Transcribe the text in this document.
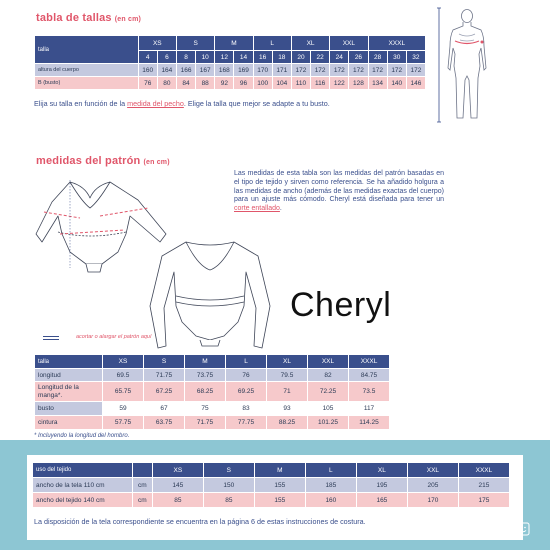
tabla de tallas (en cm)
talla	XS		S		M		L		XL		XXL		XXXL		
	4	6	8	10	12	14	16	18	20	22	24	26	28	30	32
altura del cuerpo	160	164	166	167	168	169	170	171	172	172	172	172	172	172	172
B (busto)	76	80	84	88	92	96	100	104	110	116	122	128	134	140	146
Elija su talla en función de la medida del pecho. Elige la talla que mejor se adapte a tu busto.
medidas del patrón (en cm)
Las medidas de esta tabla son las medidas del patrón basadas en el tipo de tejido y sirven como referencia. Se ha añadido holgura a las medidas de ancho (además de las medidas exactas del cuerpo) para un ajuste más cómodo. Cheryl está diseñada para tener un corte entallado.
acortar o alargar el patrón aquí
Cheryl
talla	XS	S	M	L	XL	XXL	XXXL
longitud	69.5	71.75	73.75	76	79.5	82	84.75
Longitud de la manga*.	65.75	67.25	68.25	69.25	71	72.25	73.5
busto	59	67	75	83	93	105	117
cintura	57.75	63.75	71.75	77.75	88.25	101.25	114.25
* Incluyendo la longitud del hombro.
uso del tejido		XS	S	M	L	XL	XXL	XXXL
ancho de la tela 110 cm	cm	145	150	155	185	195	205	215
ancho del tejido 140 cm	cm	85	85	155	160	165	170	175
La disposición de la tela correspondiente se encuentra en la página 6 de estas instrucciones de costura.
